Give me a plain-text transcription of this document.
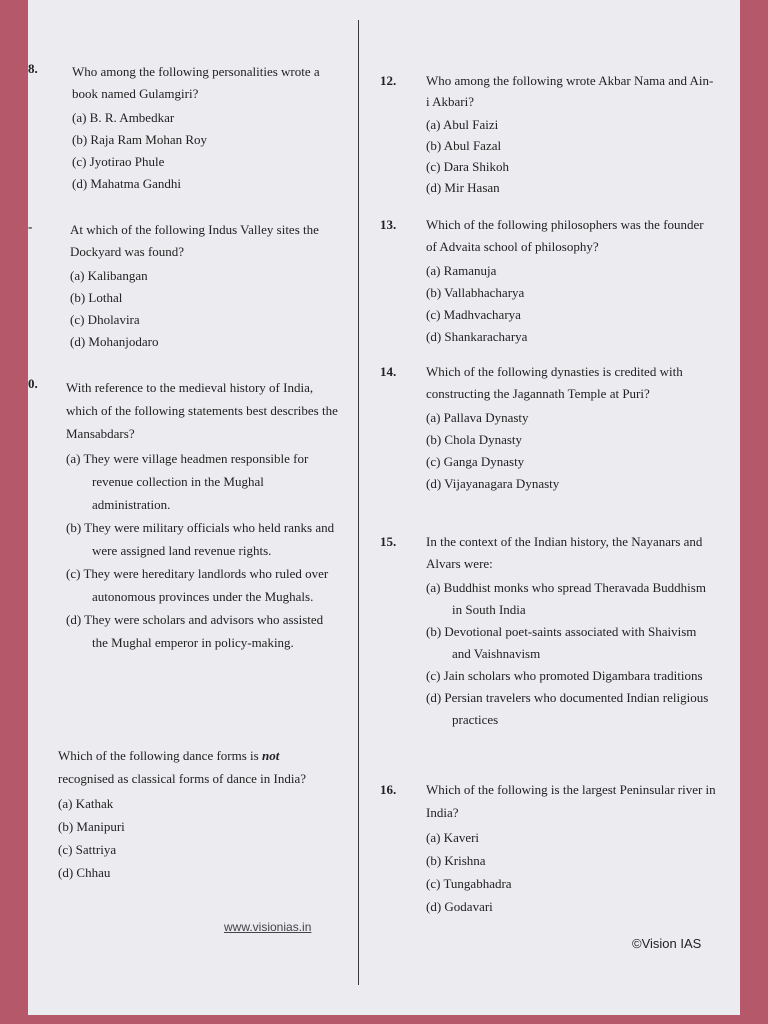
8.	Who among the following personalities wrote a book named Gulamgiri?

(a) B. R. Ambedkar

(b) Raja Ram Mohan Roy

(c) Jyotirao Phule

(d) Mahatma Gandhi

-	At which of the following Indus Valley sites the Dockyard was found?

(a) Kalibangan

(b) Lothal

(c) Dholavira

(d) Mohanjodaro

0. With reference to the medieval history of India, which of the following statements best describes the Mansabdars?

(a) They were village headmen responsible for revenue collection in the Mughal administration.

(b) They were military officials who held ranks and were assigned land revenue rights.

(c) They were hereditary landlords who ruled over autonomous provinces under the Mughals.

(d) They were scholars and advisors who assisted the Mughal emperor in policy-making.

Which of the following dance forms is not recognised as classical forms of dance in India?

(a) Kathak

(b) Manipuri

(c) Sattriya

(d) Chhau

12. Who among the following wrote Akbar Nama and Ain-i Akbari?

(a) Abul Faizi

(b) Abul Fazal

(c) Dara Shikoh

(d) Mir Hasan

13. Which of the following philosophers was the founder of Advaita school of philosophy?

(a) Ramanuja

(b) Vallabhacharya

(c) Madhvacharya

(d) Shankaracharya

14. Which of the following dynasties is credited with constructing the Jagannath Temple at Puri?

(a) Pallava Dynasty

(b) Chola Dynasty

(c) Ganga Dynasty

(d) Vijayanagara Dynasty

15. In the context of the Indian history, the Nayanars and Alvars were:

(a) Buddhist monks who spread Theravada Buddhism in South India

(b) Devotional poet-saints associated with Shaivism and Vaishnavism

(c) Jain scholars who promoted Digambara traditions

(d) Persian travelers who documented Indian religious practices

16. Which of the following is the largest Peninsular river in India?

(a) Kaveri

(b) Krishna

(c) Tungabhadra

(d) Godavari

www.visionias.in
©Vision IAS
